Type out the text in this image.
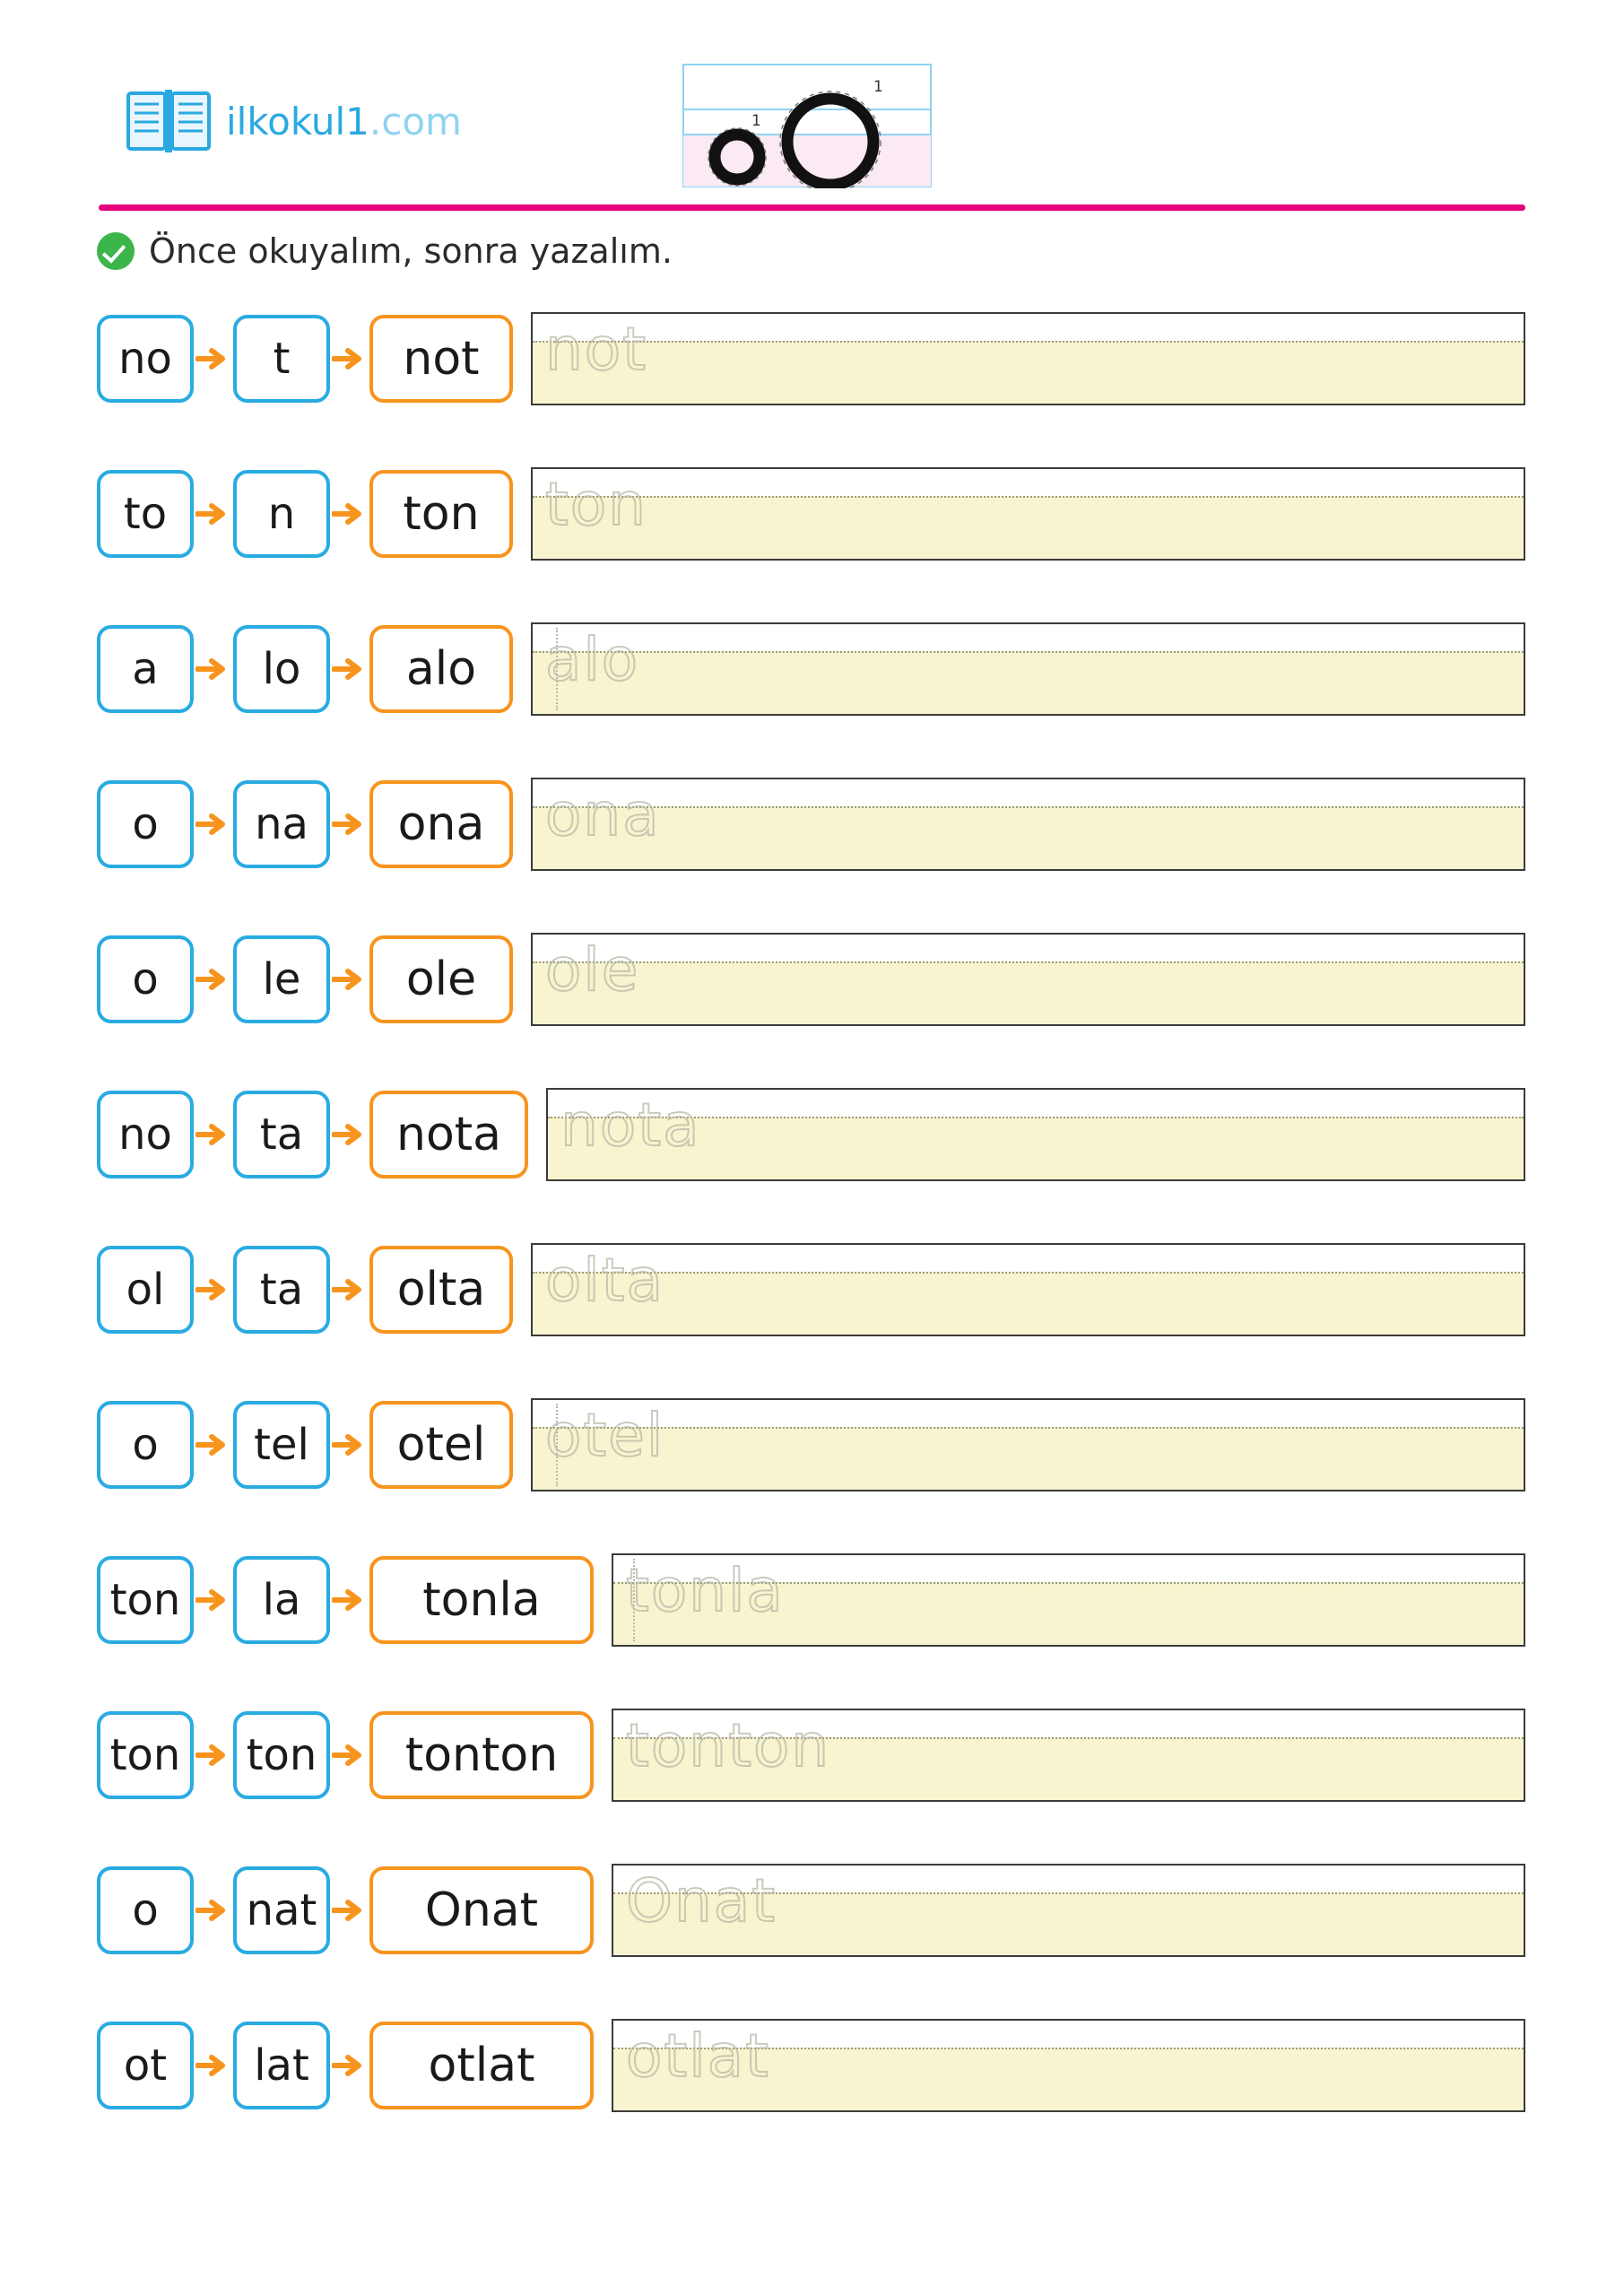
ilkokul1.com	1
1
Önce okuyalım, sonra yazalım.
no	t	not	not
to	n	ton	ton
a	lo	alo	alo
o	na	ona	ona
o	le	ole	ole
no	ta	nota	nota
ol	ta	olta	olta
o	tel	otel	otel
ton	la	tonla	tonla
ton	ton	tonton	tonton
o	nat	Onat	Onat
ot	lat	otlat	otlat
